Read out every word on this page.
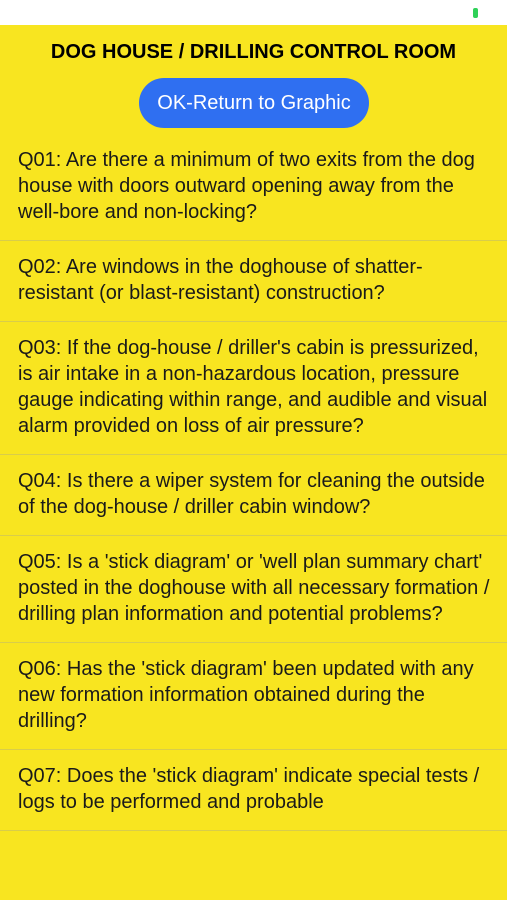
DOG HOUSE / DRILLING CONTROL ROOM
OK-Return to Graphic
Q01: Are there a minimum of two exits from the dog house with doors outward opening away from the well-bore and non-locking?
Q02: Are windows in the doghouse of shatter-resistant (or blast-resistant) construction?
Q03: If the dog-house / driller's cabin is pressurized, is air intake in a non-hazardous location, pressure gauge indicating within range, and audible and visual alarm provided on loss of air pressure?
Q04: Is there a wiper system for cleaning the outside of the dog-house / driller cabin window?
Q05: Is a 'stick diagram' or 'well plan summary chart' posted in the doghouse with all necessary formation / drilling plan information and potential problems?
Q06: Has the 'stick diagram' been updated with any new formation information obtained during the drilling?
Q07: Does the 'stick diagram' indicate special tests / logs to be performed and probable
